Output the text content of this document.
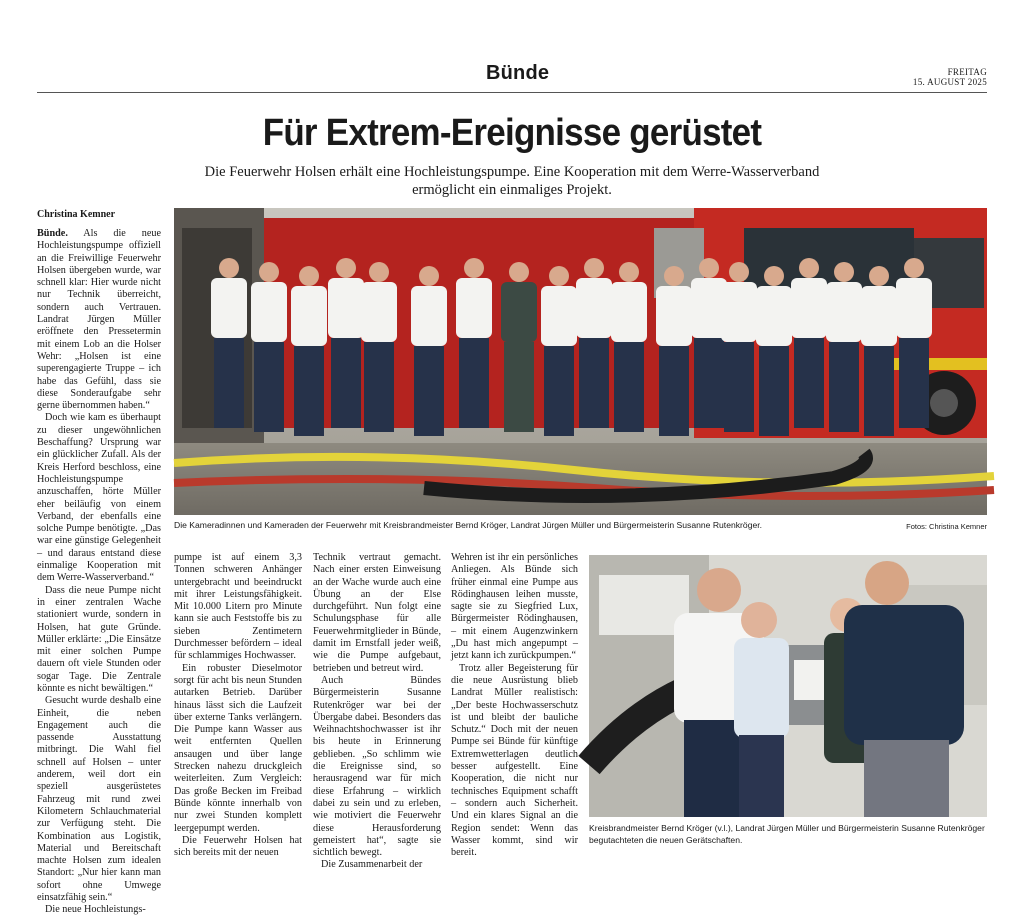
Bünde	FREITAG
15. AUGUST 2025
Für Extrem-Ereignisse gerüstet
Die Feuerwehr Holsen erhält eine Hochleistungspumpe. Eine Kooperation mit dem Werre-Wasserverband ermöglicht ein einmaliges Projekt.
Christina Kemner

Bünde. Als die neue Hochleistungspumpe offiziell an die Freiwillige Feuerwehr Holsen übergeben wurde, war schnell klar: Hier wurde nicht nur Technik überreicht, sondern auch Vertrauen. Landrat Jürgen Müller eröffnete den Pressetermin mit einem Lob an die Holser Wehr: „Holsen ist eine superengagierte Truppe – ich habe das Gefühl, dass sie diese Sonderaufgabe sehr gerne übernommen haben.“

Doch wie kam es überhaupt zu dieser ungewöhnlichen Beschaffung? Ursprung war ein glücklicher Zufall. Als der Kreis Herford beschloss, eine Hochleistungspumpe anzuschaffen, hörte Müller eher beiläufig von einem Verband, der ebenfalls eine solche Pumpe benötigte. „Das war eine günstige Gelegenheit – und daraus entstand diese einmalige Kooperation mit dem Werre-Wasserverband.“

Dass die neue Pumpe nicht in einer zentralen Wache stationiert wurde, sondern in Holsen, hat gute Gründe. Müller erklärte: „Die Einsätze mit einer solchen Pumpe dauern oft viele Stunden oder sogar Tage. Die Zentrale könnte es nicht bewältigen.“

Gesucht wurde deshalb eine Einheit, die neben Engagement auch die passende Ausstattung mitbringt. Die Wahl fiel schnell auf Holsen – unter anderem, weil dort ein speziell ausgerüstetes Fahrzeug mit rund zwei Kilometern Schlauchmaterial zur Verfügung steht. Die Kombination aus Logistik, Material und Bereitschaft machte Holsen zum idealen Standort: „Nur hier kann man sofort ohne Umwege einsatzfähig sein.“

Die neue Hochleistungs-

pumpe ist auf einem 3,3 Tonnen schweren Anhänger untergebracht und beeindruckt mit ihrer Leistungsfähigkeit. Mit 10.000 Litern pro Minute kann sie auch Feststoffe bis zu sieben Zentimetern Durchmesser befördern – ideal für schlammiges Hochwasser.

Ein robuster Dieselmotor sorgt für acht bis neun Stunden autarken Betrieb. Darüber hinaus lässt sich die Laufzeit über externe Tanks verlängern. Die Pumpe kann Wasser aus weit entfernten Quellen ansaugen und über lange Strecken nahezu druckgleich weiterleiten. Zum Vergleich: Das große Becken im Freibad Bünde könnte innerhalb von nur zwei Stunden komplett leergepumpt werden.

Die Feuerwehr Holsen hat sich bereits mit der neuen

Technik vertraut gemacht. Nach einer ersten Einweisung an der Wache wurde auch eine Übung an der Else durchgeführt. Nun folgt eine Schulungsphase für alle Feuerwehrmitglieder in Bünde, damit im Ernstfall jeder weiß, wie die Pumpe aufgebaut, betrieben und betreut wird.

Auch Bündes Bürgermeisterin Susanne Rutenkröger war bei der Übergabe dabei. Besonders das Weihnachtshochwasser ist ihr bis heute in Erinnerung geblieben. „So schlimm wie die Ereignisse sind, so herausragend war für mich diese Erfahrung – wirklich dabei zu sein und zu erleben, wie motiviert die Feuerwehr diese Herausforderung gemeistert hat“, sagte sie sichtlich bewegt.

Die Zusammenarbeit der

Wehren ist ihr ein persönliches Anliegen. Als Bünde sich früher einmal eine Pumpe aus Rödinghausen leihen musste, sagte sie zu Siegfried Lux, Bürgermeister Rödinghausen, – mit einem Augenzwinkern „Du hast mich angepumpt – jetzt kann ich zurückpumpen.“

Trotz aller Begeisterung für die neue Ausrüstung blieb Landrat Müller realistisch: „Der beste Hochwasserschutz ist und bleibt der bauliche Schutz.“ Doch mit der neuen Pumpe sei Bünde für künftige Extremwetterlagen deutlich besser aufgestellt. Eine Kooperation, die nicht nur technisches Equipment schafft – sondern auch Sicherheit. Und ein klares Signal an die Region sendet: Wenn das Wasser kommt, sind wir bereit.

Die Kameradinnen und Kameraden der Feuerwehr mit Kreisbrandmeister Bernd Kröger, Landrat Jürgen Müller und Bürgermeisterin Susanne Rutenkröger.	Fotos: Christina Kemner
Kreisbrandmeister Bernd Kröger (v.l.), Landrat Jürgen Müller und Bürgermeisterin Susanne Rutenkröger begutachteten die neuen Gerätschaften.
